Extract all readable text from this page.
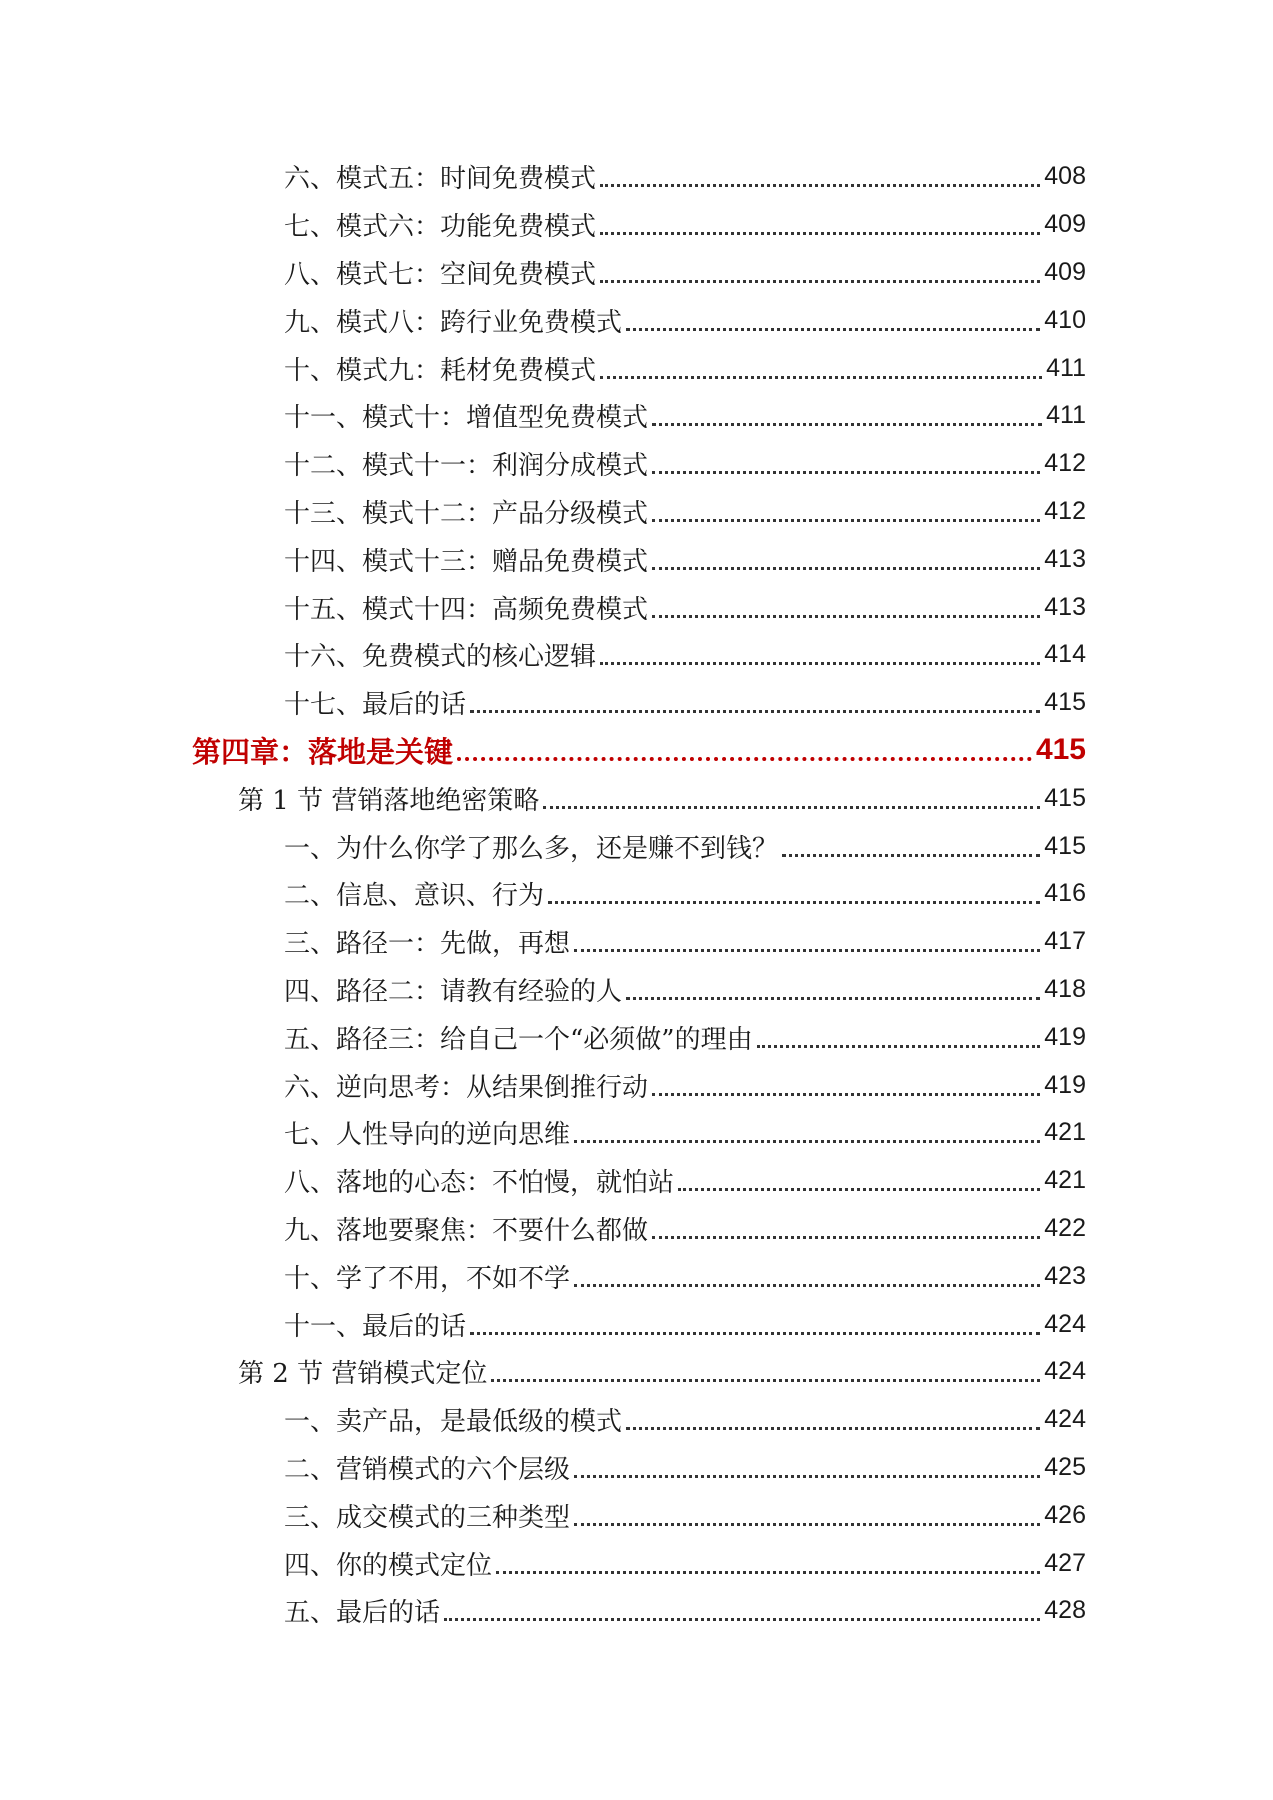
六、模式五：时间免费模式	408
七、模式六：功能免费模式	409
八、模式七：空间免费模式	409
九、模式八：跨行业免费模式	410
十、模式九：耗材免费模式	411
十一、模式十：增值型免费模式	411
十二、模式十一：利润分成模式	412
十三、模式十二：产品分级模式	412
十四、模式十三：赠品免费模式	413
十五、模式十四：高频免费模式	413
十六、免费模式的核心逻辑	414
十七、最后的话	415
第四章：落地是关键	415
第 1 节 营销落地绝密策略	415
一、为什么你学了那么多，还是赚不到钱？	415
二、信息、意识、行为	416
三、路径一：先做，再想	417
四、路径二：请教有经验的人	418
五、路径三：给自己一个“必须做”的理由	419
六、逆向思考：从结果倒推行动	419
七、人性导向的逆向思维	421
八、落地的心态：不怕慢，就怕站	421
九、落地要聚焦：不要什么都做	422
十、学了不用，不如不学	423
十一、最后的话	424
第 2 节 营销模式定位	424
一、卖产品，是最低级的模式	424
二、营销模式的六个层级	425
三、成交模式的三种类型	426
四、你的模式定位	427
五、最后的话	428
